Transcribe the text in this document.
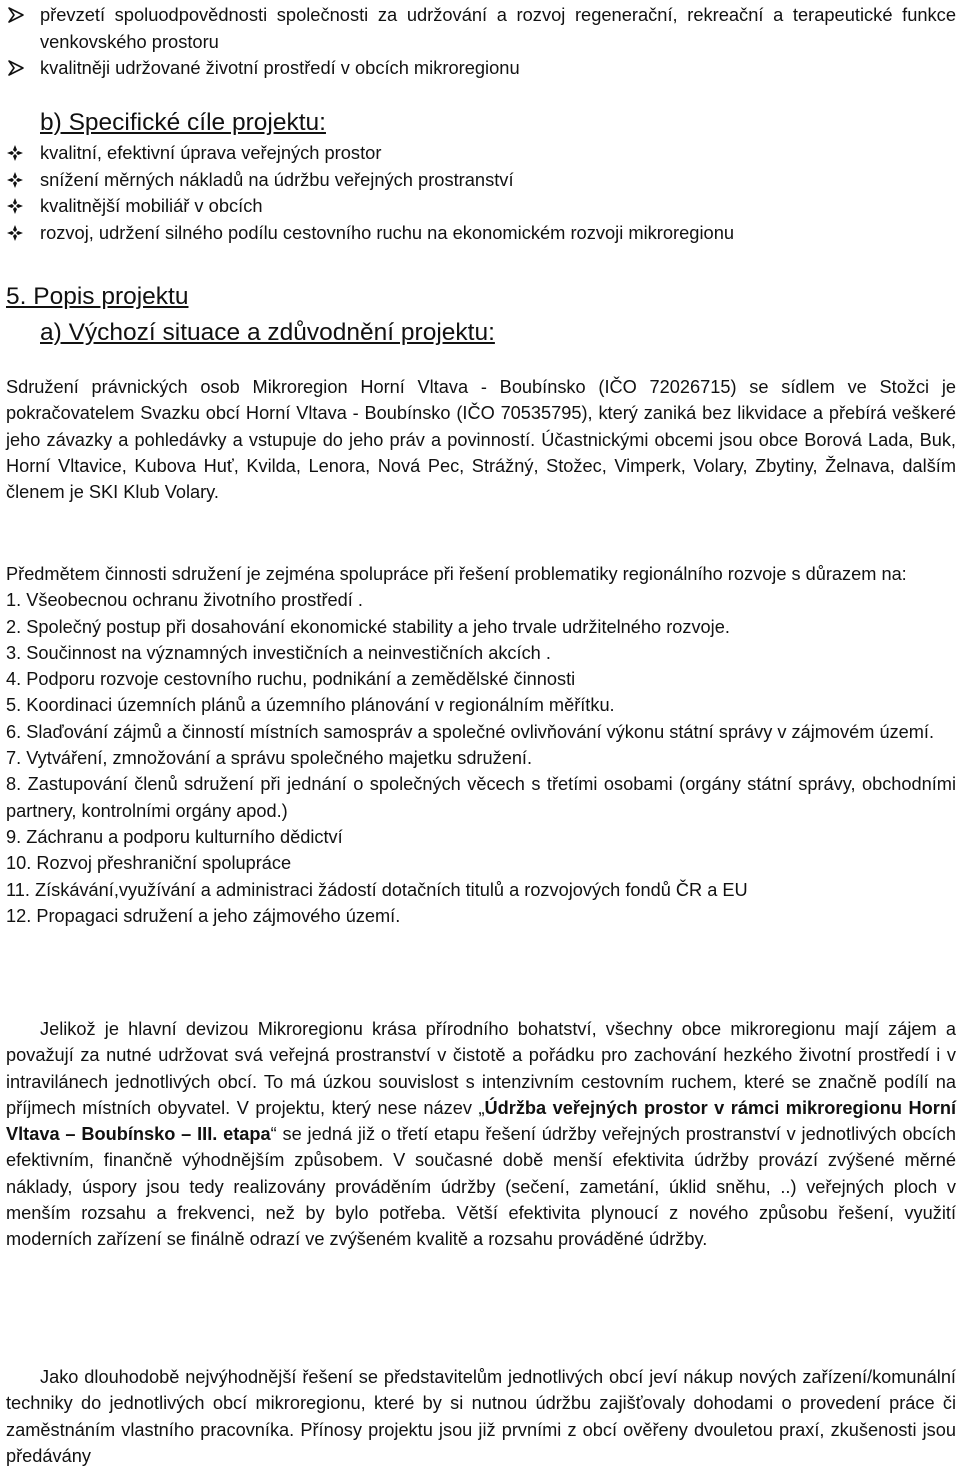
převzetí spoluodpovědnosti společnosti za udržování a rozvoj regenerační, rekreační a terapeutické funkce venkovského prostoru
kvalitněji udržované životní prostředí v obcích mikroregionu
b) Specifické cíle projektu:
kvalitní, efektivní úprava veřejných prostor
snížení měrných nákladů na údržbu veřejných prostranství
kvalitnější mobiliář v obcích
rozvoj, udržení silného podílu cestovního ruchu na ekonomickém rozvoji mikroregionu
5. Popis projektu
a) Výchozí situace a zdůvodnění projektu:
Sdružení právnických osob Mikroregion Horní Vltava - Boubínsko (IČO 72026715) se sídlem ve Stožci je pokračovatelem Svazku obcí Horní Vltava - Boubínsko (IČO 70535795), který zaniká bez likvidace a přebírá veškeré jeho závazky a pohledávky a vstupuje do jeho práv a povinností. Účastnickými obcemi jsou obce Borová Lada, Buk, Horní Vltavice, Kubova Huť, Kvilda, Lenora, Nová Pec, Strážný, Stožec, Vimperk, Volary, Zbytiny, Želnava, dalším členem je SKI Klub Volary.
Předmětem činnosti sdružení je zejména spolupráce při řešení problematiky regionálního rozvoje s důrazem na:
1. Všeobecnou ochranu životního prostředí .
2. Společný postup při dosahování ekonomické stability a jeho trvale udržitelného rozvoje.
3. Součinnost na významných investičních a neinvestičních akcích .
4. Podporu rozvoje cestovního ruchu, podnikání a zemědělské činnosti
5. Koordinaci územních plánů a územního plánování v regionálním měřítku.
6. Slaďování zájmů a činností místních samospráv a společné ovlivňování výkonu státní správy v zájmovém území.
7. Vytváření, zmnožování a správu společného majetku sdružení.
8. Zastupování členů sdružení při jednání o společných věcech s třetími osobami (orgány státní správy, obchodními partnery, kontrolními orgány apod.)
9. Záchranu a podporu kulturního dědictví
10. Rozvoj přeshraniční spolupráce
11. Získávání,využívání a administraci žádostí dotačních titulů a rozvojových fondů ČR a EU
12. Propagaci sdružení a jeho zájmového území.
Jelikož je hlavní devizou Mikroregionu krása přírodního bohatství, všechny obce mikroregionu mají zájem a považují za nutné udržovat svá veřejná prostranství v čistotě a pořádku pro zachování hezkého životní prostředí i v intravilánech jednotlivých obcí. To má úzkou souvislost s intenzivním cestovním ruchem, které se značně podílí na příjmech místních obyvatel. V projektu, který nese název „Údržba veřejných prostor v rámci mikroregionu Horní Vltava – Boubínsko – III. etapa“ se jedná již o třetí etapu řešení údržby veřejných prostranství v jednotlivých obcích efektivním, finančně výhodnějším způsobem. V současné době menší efektivita údržby provází zvýšené měrné náklady, úspory jsou tedy realizovány prováděním údržby (sečení, zametání, úklid sněhu, ..) veřejných ploch v menším rozsahu a frekvenci, než by bylo potřeba. Větší efektivita plynoucí z nového způsobu řešení, využití moderních zařízení se finálně odrazí ve zvýšeném kvalitě a rozsahu prováděné údržby.
Jako dlouhodobě nejvýhodnější řešení se představitelům jednotlivých obcí jeví nákup nových zařízení/komunální techniky do jednotlivých obcí mikroregionu, které by si nutnou údržbu zajišťovaly dohodami o provedení práce či zaměstnáním vlastního pracovníka. Přínosy projektu jsou již prvními z obcí ověřeny dvouletou praxí, zkušenosti jsou předávány
